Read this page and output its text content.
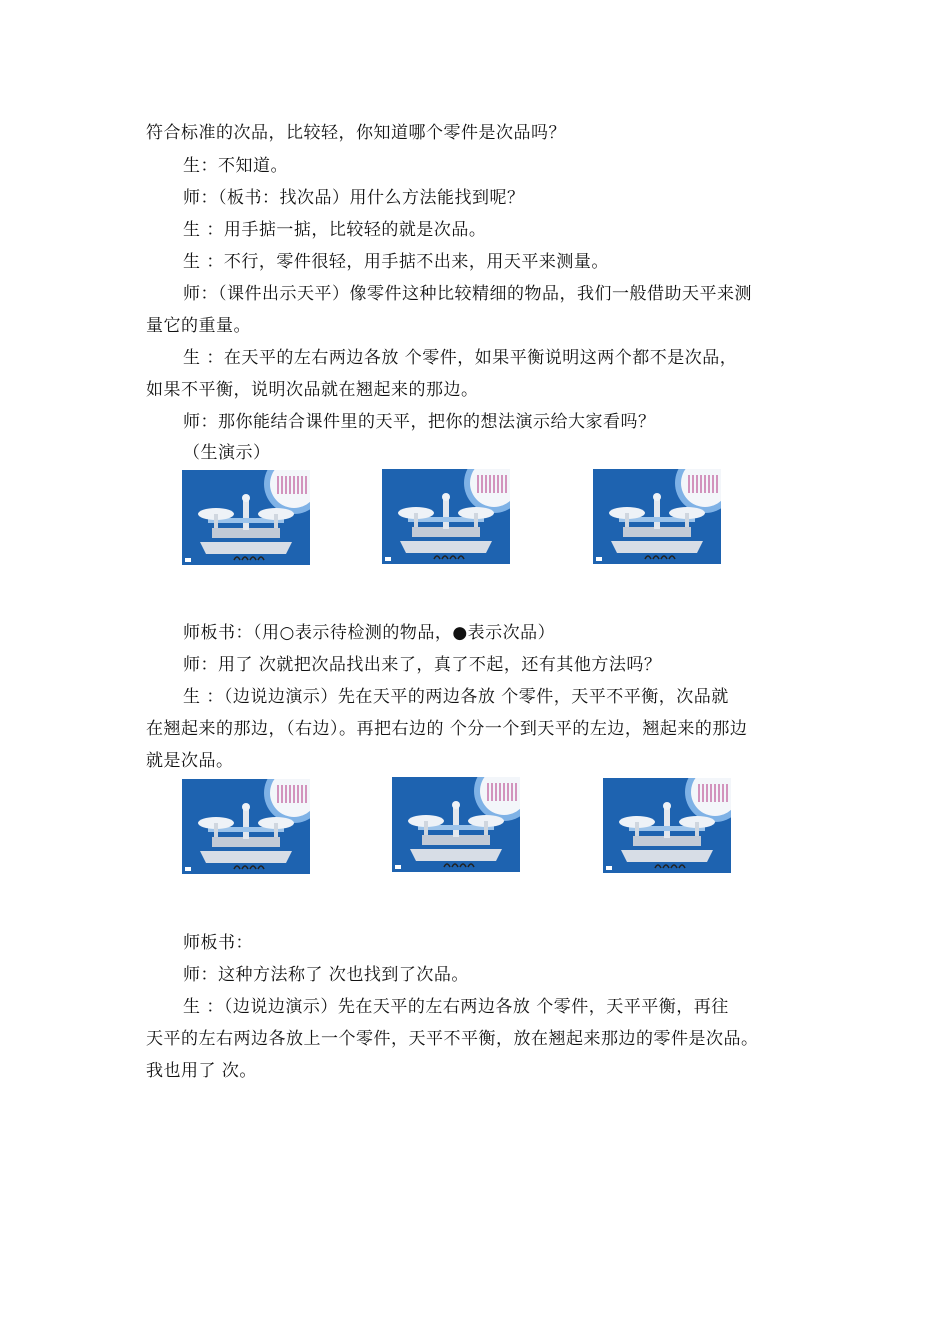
符合标准的次品，比较轻，你知道哪个零件是次品吗？
生：不知道。
师：（板书：找次品）用什么方法能找到呢？
生 ：用手掂一掂，比较轻的就是次品。
生 ：不行，零件很轻，用手掂不出来，用天平来测量。
师：（课件出示天平）像零件这种比较精细的物品，我们一般借助天平来测
量它的重量。
生 ：在天平的左右两边各放 个零件，如果平衡说明这两个都不是次品，
如果不平衡，说明次品就在翘起来的那边。
师：那你能结合课件里的天平，把你的想法演示给大家看吗？
（生演示）
师板书：（用○表示待检测的物品，●表示次品）
师：用了 次就把次品找出来了，真了不起，还有其他方法吗？
生 ：（边说边演示）先在天平的两边各放 个零件，天平不平衡，次品就
在翘起来的那边，（右边）。再把右边的 个分一个到天平的左边，翘起来的那边
就是次品。
师板书：
师：这种方法称了 次也找到了次品。
生 ：（边说边演示）先在天平的左右两边各放 个零件，天平平衡，再往
天平的左右两边各放上一个零件，天平不平衡，放在翘起来那边的零件是次品。
我也用了 次。
